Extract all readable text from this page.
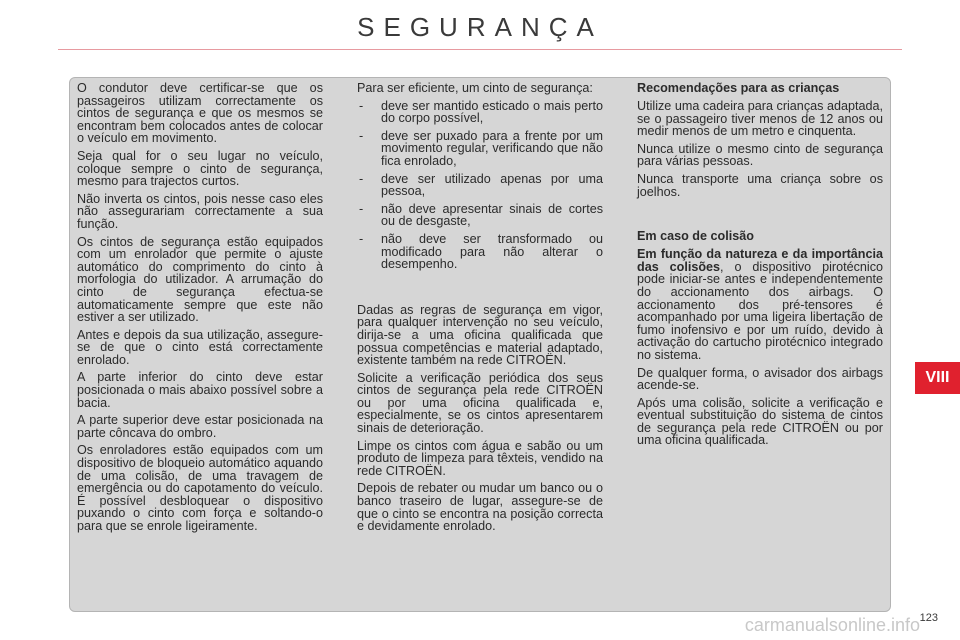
SEGURANÇA

O condutor deve certificar-se que os passageiros utilizam correctamente os cintos de segurança e que os mesmos se encontram bem colocados antes de colocar o veículo em movimento.

Seja qual for o seu lugar no veículo, coloque sempre o cinto de segurança, mesmo para trajectos curtos.

Não inverta os cintos, pois nesse caso eles não assegurariam correctamente a sua função.

Os cintos de segurança estão equipados com um enrolador que permite o ajuste automático do comprimento do cinto à morfologia do utilizador. A arrumação do cinto de segurança efectua-se automaticamente sempre que este não estiver a ser utilizado.

Antes e depois da sua utilização, assegure-se de que o cinto está correctamente enrolado.

A parte inferior do cinto deve estar posicionada o mais abaixo possível sobre a bacia.

A parte superior deve estar posicionada na parte côncava do ombro.

Os enroladores estão equipados com um dispositivo de bloqueio automático aquando de uma colisão, de uma travagem de emergência ou do capotamento do veículo. É possível desbloquear o dispositivo puxando o cinto com força e soltando-o para que se enrole ligeiramente.

Para ser eficiente, um cinto de segurança:

- deve ser mantido esticado o mais perto do corpo possível,
- deve ser puxado para a frente por um movimento regular, verificando que não fica enrolado,
- deve ser utilizado apenas por uma pessoa,
- não deve apresentar sinais de cortes ou de desgaste,
- não deve ser transformado ou modificado para não alterar o desempenho.

Dadas as regras de segurança em vigor, para qualquer intervenção no seu veículo, dirija-se a uma oficina qualificada que possua competências e material adaptado, existente também na rede CITROËN.

Solicite a verificação periódica dos seus cintos de segurança pela rede CITROËN ou por uma oficina qualificada e, especialmente, se os cintos apresentarem sinais de deterioração.

Limpe os cintos com água e sabão ou um produto de limpeza para têxteis, vendido na rede CITROËN.

Depois de rebater ou mudar um banco ou o banco traseiro de lugar, assegure-se de que o cinto se encontra na posição correcta e devidamente enrolado.

Recomendações para as crianças

Utilize uma cadeira para crianças adaptada, se o passageiro tiver menos de 12 anos ou medir menos de um metro e cinquenta.

Nunca utilize o mesmo cinto de segurança para várias pessoas.

Nunca transporte uma criança sobre os joelhos.

Em caso de colisão

Em função da natureza e da importância das colisões, o dispositivo pirotécnico pode iniciar-se antes e independentemente do accionamento dos airbags. O accionamento dos pré-tensores é acompanhado por uma ligeira libertação de fumo inofensivo e por um ruído, devido à activação do cartucho pirotécnico integrado no sistema.

De qualquer forma, o avisador dos airbags acende-se.

Após uma colisão, solicite a verificação e eventual substituição do sistema de cintos de segurança pela rede CITROËN ou por uma oficina qualificada.

VIII
123
carmanualsonline.info
